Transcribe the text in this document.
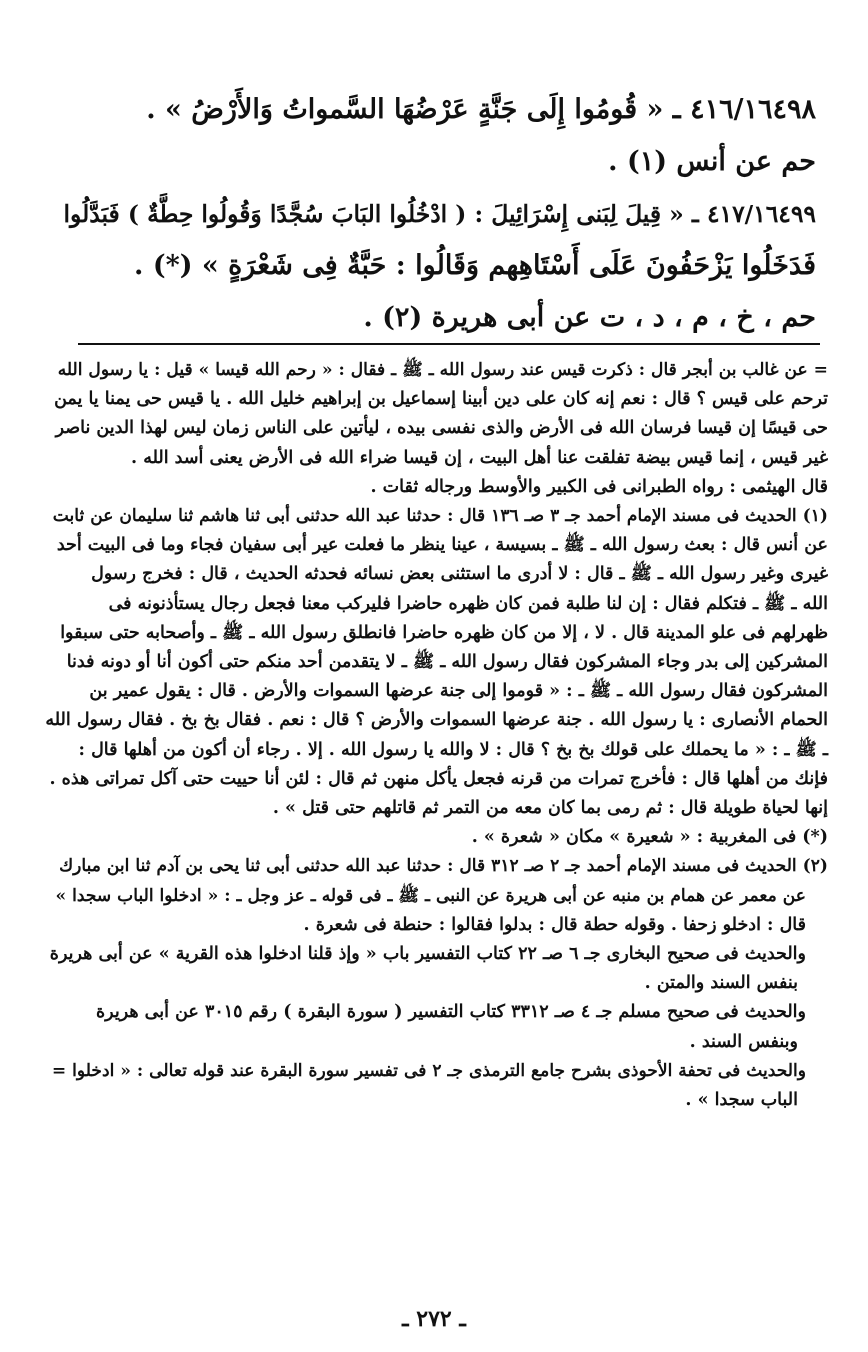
٤١٦/١٦٤٩٨ ـ « قُومُوا إِلَى جَنَّةٍ عَرْضُهَا السَّمواتُ وَالأَرْضُ » .
حم عن أنس (١) .
٤١٧/١٦٤٩٩ ـ « قِيلَ لِبَنى إِسْرَائِيلَ : ( ادْخُلُوا البَابَ سُجَّدًا وَقُولُوا حِطَّةٌ ) فَبَدَّلُوا
فَدَخَلُوا يَزْحَفُونَ عَلَى أَسْتَاهِهم وَقَالُوا : حَبَّةٌ فِى شَعْرَةٍ » (*) .
حم ، خ ، م ، د ، ت عن أبى هريرة (٢) .
= عن غالب بن أبجر قال : ذكرت قيس عند رسول الله ـ ﷺ ـ فقال : « رحم الله قيسا » قيل : يا رسول الله
ترحم على قيس ؟ قال : نعم إنه كان على دين أبينا إسماعيل بن إبراهيم خليل الله . يا قيس حى يمنا يا يمن
حى قيسًا إن قيسا فرسان الله فى الأرض والذى نفسى بيده ، ليأتين على الناس زمان ليس لهذا الدين ناصر
غير قيس ، إنما قيس بيضة تفلقت عنا أهل البيت ، إن قيسا ضراء الله فى الأرض يعنى أسد الله .
قال الهيثمى : رواه الطبرانى فى الكبير والأوسط ورجاله ثقات .
(١) الحديث فى مسند الإمام أحمد جـ ٣ صـ ١٣٦ قال : حدثنا عبد الله حدثنى أبى ثنا هاشم ثنا سليمان عن ثابت
عن أنس قال : بعث رسول الله ـ ﷺ ـ بسيسة ، عينا ينظر ما فعلت عير أبى سفيان فجاء وما فى البيت أحد
غيرى وغير رسول الله ـ ﷺ ـ قال : لا أدرى ما استثنى بعض نسائه فحدثه الحديث ، قال : فخرج رسول
الله ـ ﷺ ـ فتكلم فقال : إن لنا طلبة فمن كان ظهره حاضرا فليركب معنا فجعل رجال يستأذنونه فى
ظهرلهم فى علو المدينة قال . لا ، إلا من كان ظهره حاضرا فانطلق رسول الله ـ ﷺ ـ وأصحابه حتى سبقوا
المشركين إلى بدر وجاء المشركون فقال رسول الله ـ ﷺ ـ لا يتقدمن أحد منكم حتى أكون أنا أو دونه فدنا
المشركون فقال رسول الله ـ ﷺ ـ : « قوموا إلى جنة عرضها السموات والأرض . قال : يقول عمير بن
الحمام الأنصارى : يا رسول الله . جنة عرضها السموات والأرض ؟ قال : نعم . فقال بخ بخ . فقال رسول الله
ـ ﷺ ـ : « ما يحملك على قولك بخ بخ ؟ قال : لا والله يا رسول الله . إلا . رجاء أن أكون من أهلها قال :
فإنك من أهلها قال : فأخرج تمرات من قرنه فجعل يأكل منهن ثم قال : لئن أنا حييت حتى آكل تمراتى هذه .
إنها لحياة طويلة قال : ثم رمى بما كان معه من التمر ثم قاتلهم حتى قتل » .
(*) فى المغربية : « شعيرة » مكان « شعرة » .
(٢) الحديث فى مسند الإمام أحمد جـ ٢ صـ ٣١٢ قال : حدثنا عبد الله حدثنى أبى ثنا يحى بن آدم ثنا ابن مبارك
عن معمر عن همام بن منبه عن أبى هريرة عن النبى ـ ﷺ ـ فى قوله ـ عز وجل ـ : « ادخلوا الباب سجدا »
قال : ادخلو زحفا . وقوله حطة قال : بدلوا فقالوا : حنطة فى شعرة .
والحديث فى صحيح البخارى جـ ٦ صـ ٢٢ كتاب التفسير باب « وإذ قلنا ادخلوا هذه القرية » عن أبى هريرة
بنفس السند والمتن .
والحديث فى صحيح مسلم جـ ٤ صـ ٣٣١٢ كتاب التفسير ( سورة البقرة ) رقم ٣٠١٥ عن أبى هريرة
وبنفس السند .
والحديث فى تحفة الأحوذى بشرح جامع الترمذى جـ ٢ فى تفسير سورة البقرة عند قوله تعالى : « ادخلوا =
الباب سجدا » .
ـ ٢٧٢ ـ
